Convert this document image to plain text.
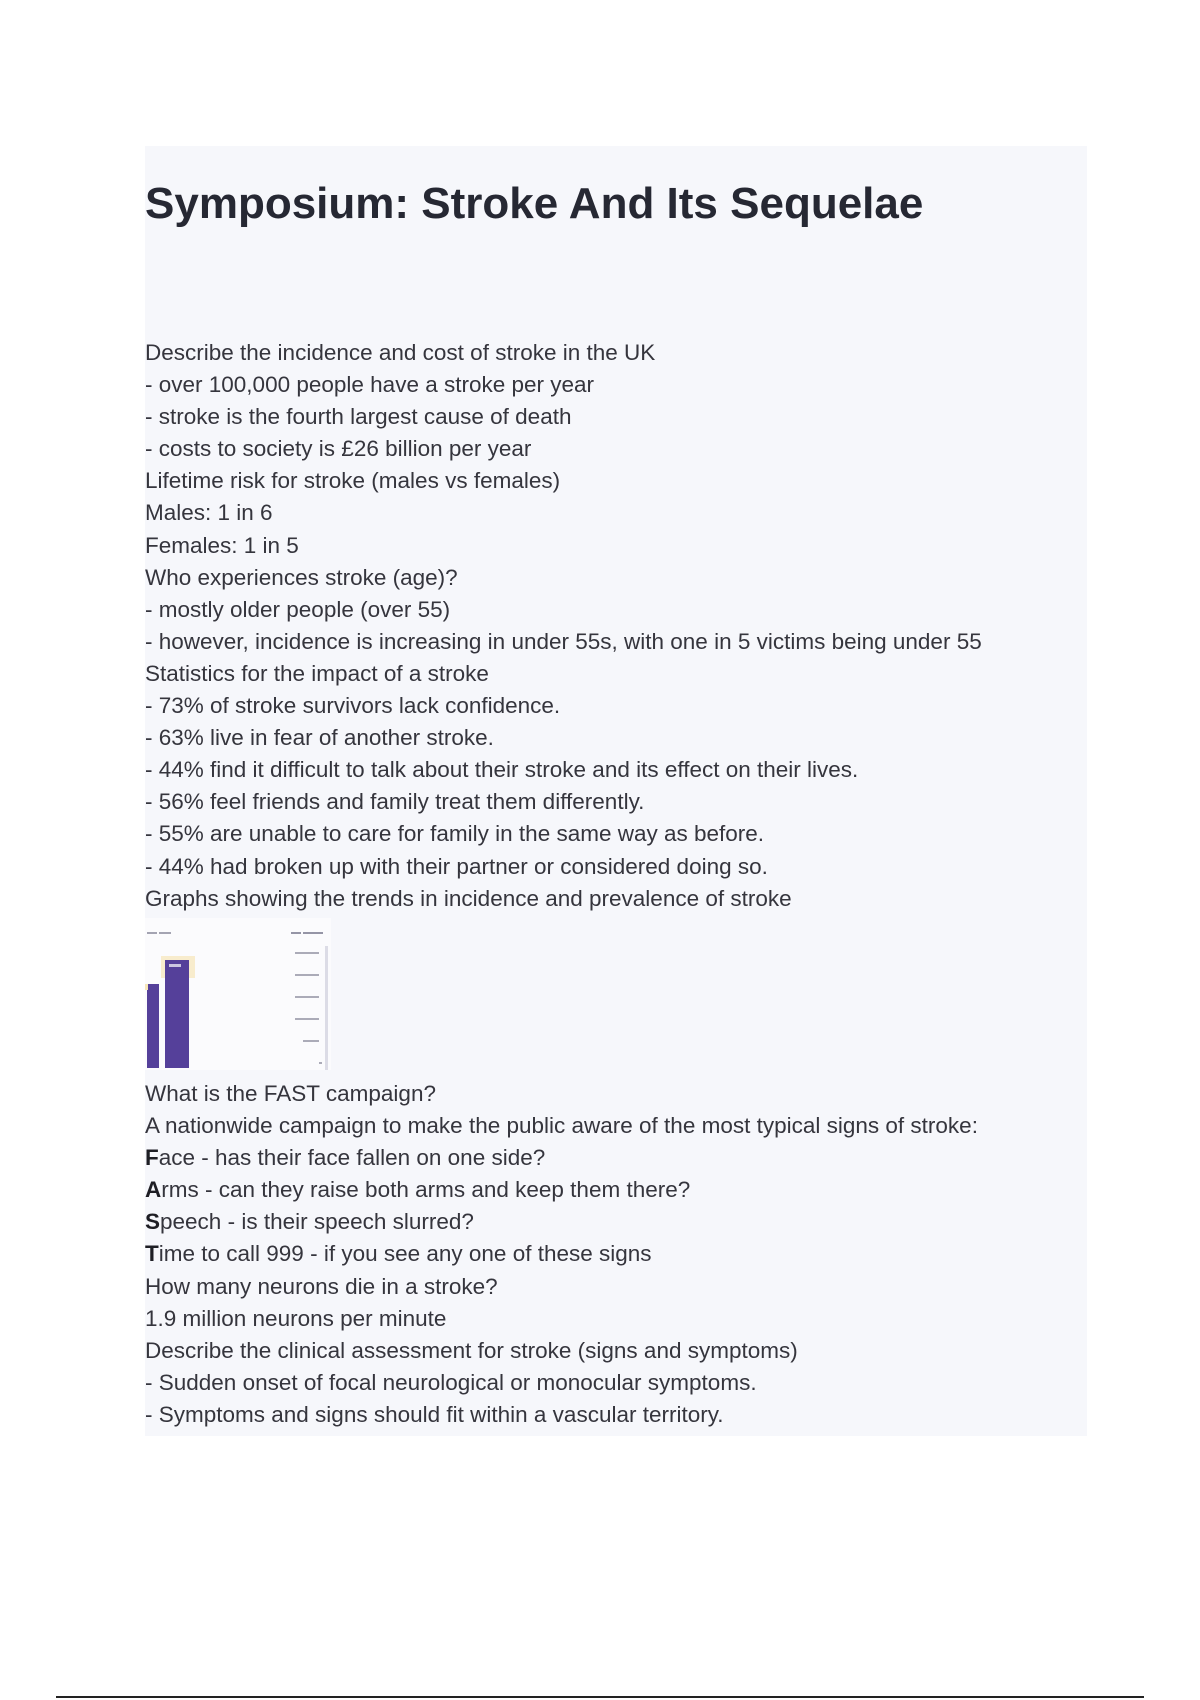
Symposium: Stroke And Its Sequelae
Describe the incidence and cost of stroke in the UK
- over 100,000 people have a stroke per year
- stroke is the fourth largest cause of death
- costs to society is £26 billion per year
Lifetime risk for stroke (males vs females)
Males: 1 in 6
Females: 1 in 5
Who experiences stroke (age)?
- mostly older people (over 55)
- however, incidence is increasing in under 55s, with one in 5 victims being under 55
Statistics for the impact of a stroke
- 73% of stroke survivors lack confidence.
- 63% live in fear of another stroke.
- 44% find it difficult to talk about their stroke and its effect on their lives.
- 56% feel friends and family treat them differently.
- 55% are unable to care for family in the same way as before.
- 44% had broken up with their partner or considered doing so.
Graphs showing the trends in incidence and prevalence of stroke
What is the FAST campaign?
A nationwide campaign to make the public aware of the most typical signs of stroke:
Face - has their face fallen on one side?
Arms - can they raise both arms and keep them there?
Speech - is their speech slurred?
Time to call 999 - if you see any one of these signs
How many neurons die in a stroke?
1.9 million neurons per minute
Describe the clinical assessment for stroke (signs and symptoms)
- Sudden onset of focal neurological or monocular symptoms.
- Symptoms and signs should fit within a vascular territory.
